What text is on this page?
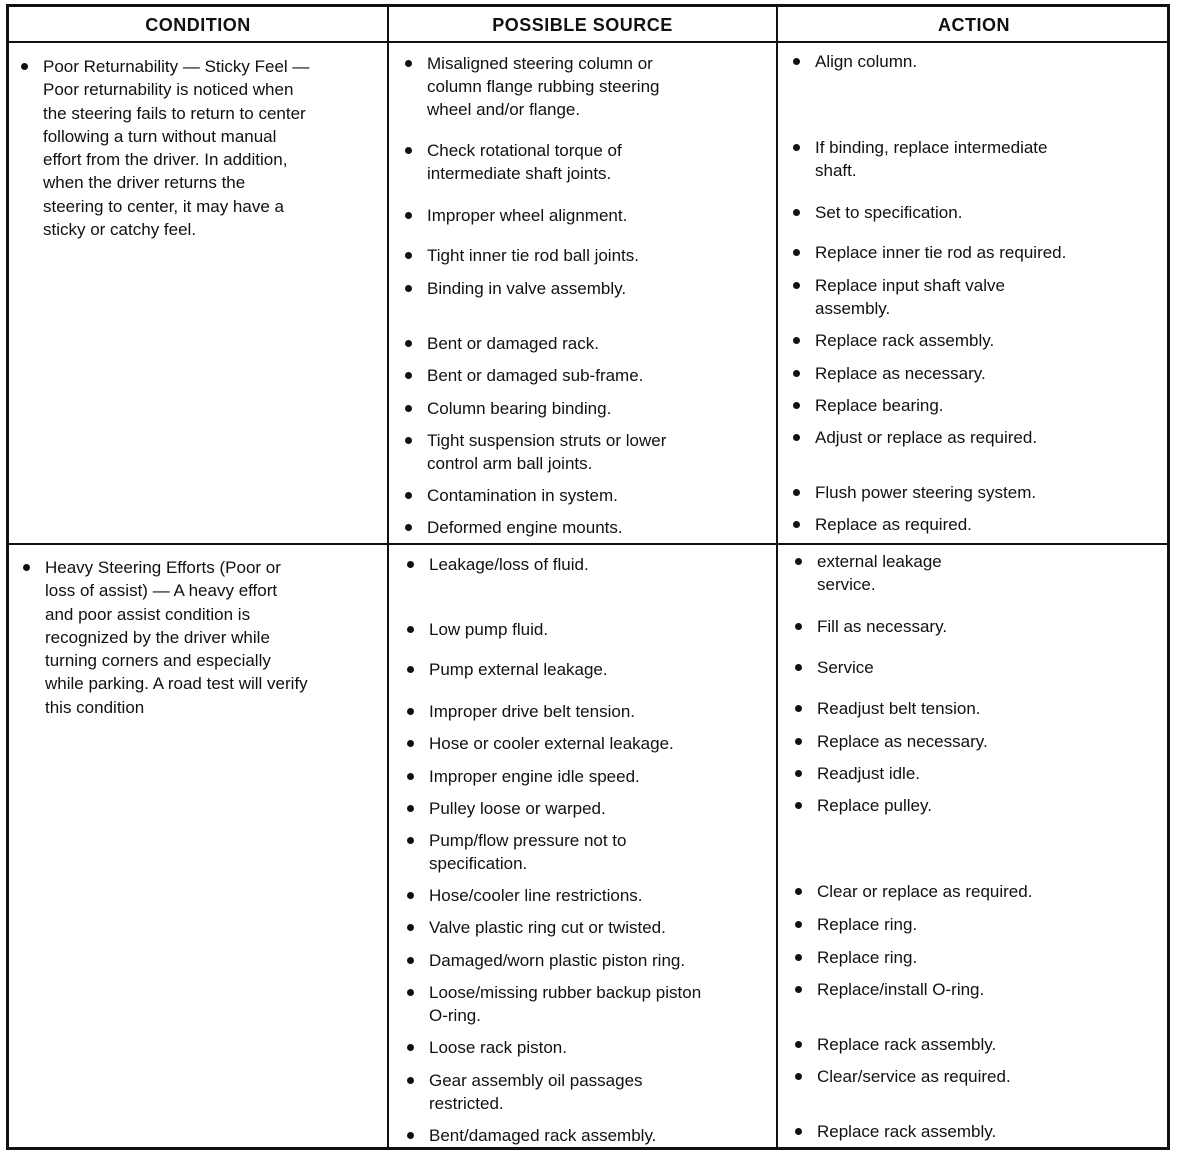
CONDITION	POSSIBLE SOURCE	ACTION
Poor Returnability — Sticky Feel —
Poor returnability is noticed when
the steering fails to return to center
following a turn without manual
effort from the driver. In addition,
when the driver returns the
steering to center, it may have a
sticky or catchy feel.
Misaligned steering column or
column flange rubbing steering
wheel and/or flange.
Check rotational torque of
intermediate shaft joints.
Improper wheel alignment.
Tight inner tie rod ball joints.
Binding in valve assembly.
Bent or damaged rack.
Bent or damaged sub-frame.
Column bearing binding.
Tight suspension struts or lower
control arm ball joints.
Contamination in system.
Deformed engine mounts.
Align column.
If binding, replace intermediate
shaft.
Set to specification.
Replace inner tie rod as required.
Replace input shaft valve
assembly.
Replace rack assembly.
Replace as necessary.
Replace bearing.
Adjust or replace as required.
Flush power steering system.
Replace as required.
Heavy Steering Efforts (Poor or
loss of assist) — A heavy effort
and poor assist condition is
recognized by the driver while
turning corners and especially
while parking. A road test will verify
this condition
Leakage/loss of fluid.
Low pump fluid.
Pump external leakage.
Improper drive belt tension.
Hose or cooler external leakage.
Improper engine idle speed.
Pulley loose or warped.
Pump/flow pressure not to
specification.
Hose/cooler line restrictions.
Valve plastic ring cut or twisted.
Damaged/worn plastic piston ring.
Loose/missing rubber backup piston
O-ring.
Loose rack piston.
Gear assembly oil passages
restricted.
Bent/damaged rack assembly.
external leakage
service.
Fill as necessary.
Service
Readjust belt tension.
Replace as necessary.
Readjust idle.
Replace pulley.
Clear or replace as required.
Replace ring.
Replace ring.
Replace/install O-ring.
Replace rack assembly.
Clear/service as required.
Replace rack assembly.
